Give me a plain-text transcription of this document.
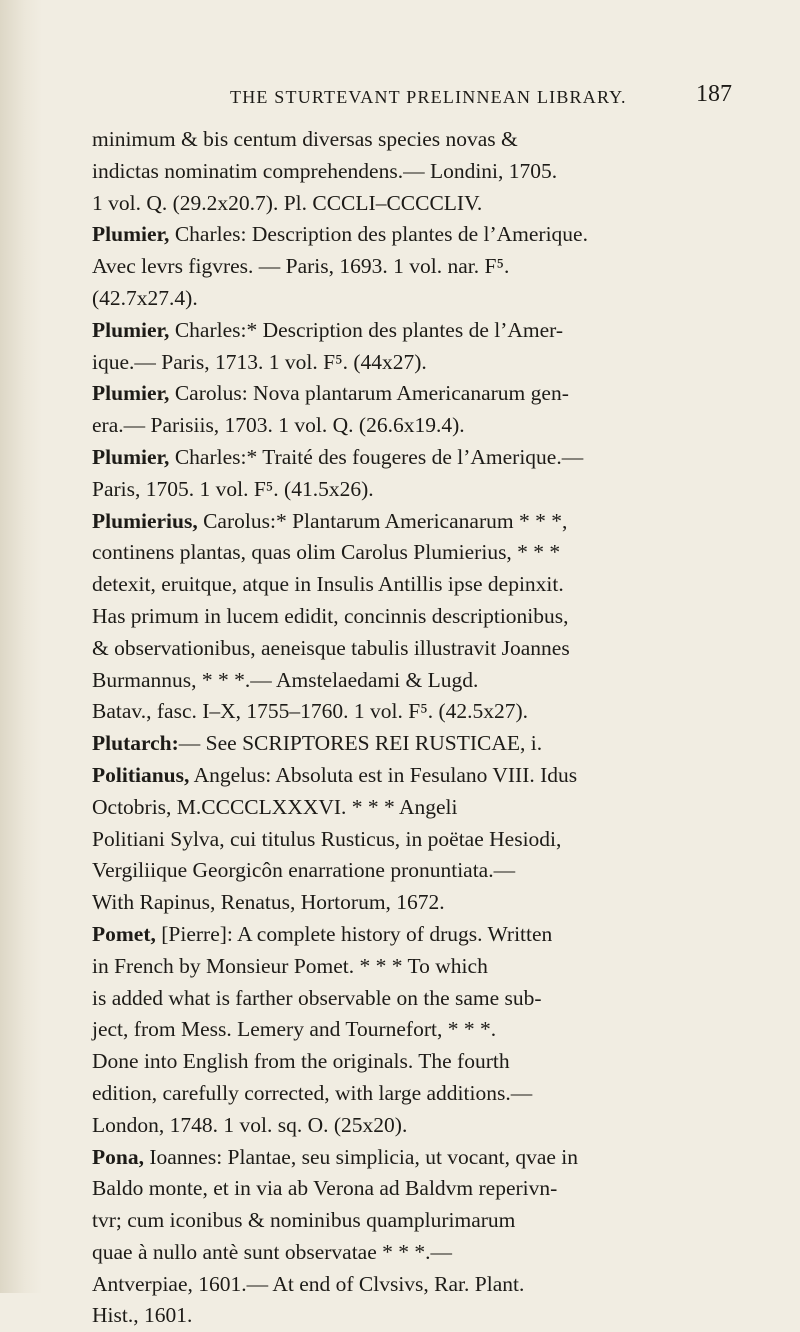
THE STURTEVANT PRELINNEAN LIBRARY.	187
minimum & bis centum diversas species novas &
indictas nominatim comprehendens.— Londini, 1705.
1 vol. Q. (29.2x20.7). Pl. CCCLI–CCCCLIV.
Plumier, Charles: Description des plantes de l’Amerique.
Avec levrs figvres. — Paris, 1693. 1 vol. nar. F⁵.
(42.7x27.4).
Plumier, Charles:* Description des plantes de l’Amer-
ique.— Paris, 1713. 1 vol. F⁵. (44x27).
Plumier, Carolus: Nova plantarum Americanarum gen-
era.— Parisiis, 1703. 1 vol. Q. (26.6x19.4).
Plumier, Charles:* Traité des fougeres de l’Amerique.—
Paris, 1705. 1 vol. F⁵. (41.5x26).
Plumierius, Carolus:* Plantarum Americanarum * * *,
continens plantas, quas olim Carolus Plumierius, * * *
detexit, eruitque, atque in Insulis Antillis ipse depinxit.
Has primum in lucem edidit, concinnis descriptionibus,
& observationibus, aeneisque tabulis illustravit Joannes
Burmannus, * * *.— Amstelaedami & Lugd.
Batav., fasc. I–X, 1755–1760. 1 vol. F⁵. (42.5x27).
Plutarch:— See SCRIPTORES REI RUSTICAE, i.
Politianus, Angelus: Absoluta est in Fesulano VIII. Idus
Octobris, M.CCCCLXXXVI. * * * Angeli
Politiani Sylva, cui titulus Rusticus, in poëtae Hesiodi,
Vergiliique Georgicôn enarratione pronuntiata.—
With Rapinus, Renatus, Hortorum, 1672.
Pomet, [Pierre]: A complete history of drugs. Written
in French by Monsieur Pomet. * * * To which
is added what is farther observable on the same sub-
ject, from Mess. Lemery and Tournefort, * * *.
Done into English from the originals. The fourth
edition, carefully corrected, with large additions.—
London, 1748. 1 vol. sq. O. (25x20).
Pona, Ioannes: Plantae, seu simplicia, ut vocant, qvae in
Baldo monte, et in via ab Verona ad Baldvm reperivn-
tvr; cum iconibus & nominibus quamplurimarum
quae à nullo antè sunt observatae * * *.—
Antverpiae, 1601.— At end of Clvsivs, Rar. Plant.
Hist., 1601.
